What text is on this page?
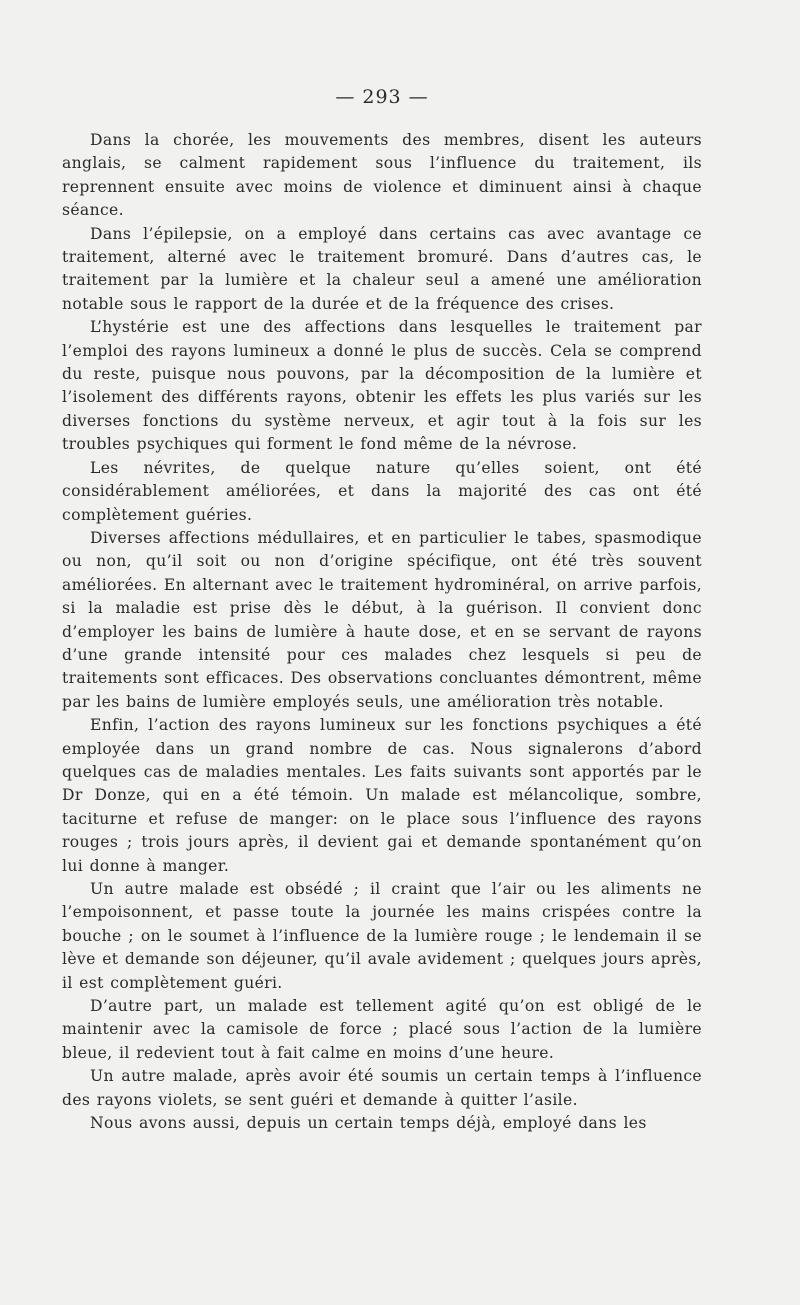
— 293 —

Dans la chorée, les mouvements des membres, disent les auteurs anglais, se calment rapidement sous l’influence du traitement, ils reprennent ensuite avec moins de violence et diminuent ainsi à chaque séance.

Dans l’épilepsie, on a employé dans certains cas avec avantage ce traitement, alterné avec le traitement bromuré. Dans d’autres cas, le traitement par la lumière et la chaleur seul a amené une amélioration notable sous le rapport de la durée et de la fréquence des crises.

L’hystérie est une des affections dans lesquelles le traitement par l’emploi des rayons lumineux a donné le plus de succès. Cela se comprend du reste, puisque nous pouvons, par la décomposition de la lumière et l’isolement des différents rayons, obtenir les effets les plus variés sur les diverses fonctions du système nerveux, et agir tout à la fois sur les troubles psychiques qui forment le fond même de la névrose.

Les névrites, de quelque nature qu’elles soient, ont été considérablement améliorées, et dans la majorité des cas ont été complètement guéries.

Diverses affections médullaires, et en particulier le tabes, spasmodique ou non, qu’il soit ou non d’origine spécifique, ont été très souvent améliorées. En alternant avec le traitement hydrominéral, on arrive parfois, si la maladie est prise dès le début, à la guérison. Il convient donc d’employer les bains de lumière à haute dose, et en se servant de rayons d’une grande intensité pour ces malades chez lesquels si peu de traitements sont efficaces. Des observations concluantes démontrent, même par les bains de lumière employés seuls, une amélioration très notable.

Enfin, l’action des rayons lumineux sur les fonctions psychiques a été employée dans un grand nombre de cas. Nous signalerons d’abord quelques cas de maladies mentales. Les faits suivants sont apportés par le Dr Donze, qui en a été témoin. Un malade est mélancolique, sombre, taciturne et refuse de manger: on le place sous l’influence des rayons rouges ; trois jours après, il devient gai et demande spontanément qu’on lui donne à manger.

Un autre malade est obsédé ; il craint que l’air ou les aliments ne l’empoisonnent, et passe toute la journée les mains crispées contre la bouche ; on le soumet à l’influence de la lumière rouge ; le lendemain il se lève et demande son déjeuner, qu’il avale avidement ; quelques jours après, il est complètement guéri.

D’autre part, un malade est tellement agité qu’on est obligé de le maintenir avec la camisole de force ; placé sous l’action de la lumière bleue, il redevient tout à fait calme en moins d’une heure.

Un autre malade, après avoir été soumis un certain temps à l’influence des rayons violets, se sent guéri et demande à quitter l’asile.

Nous avons aussi, depuis un certain temps déjà, employé dans les
